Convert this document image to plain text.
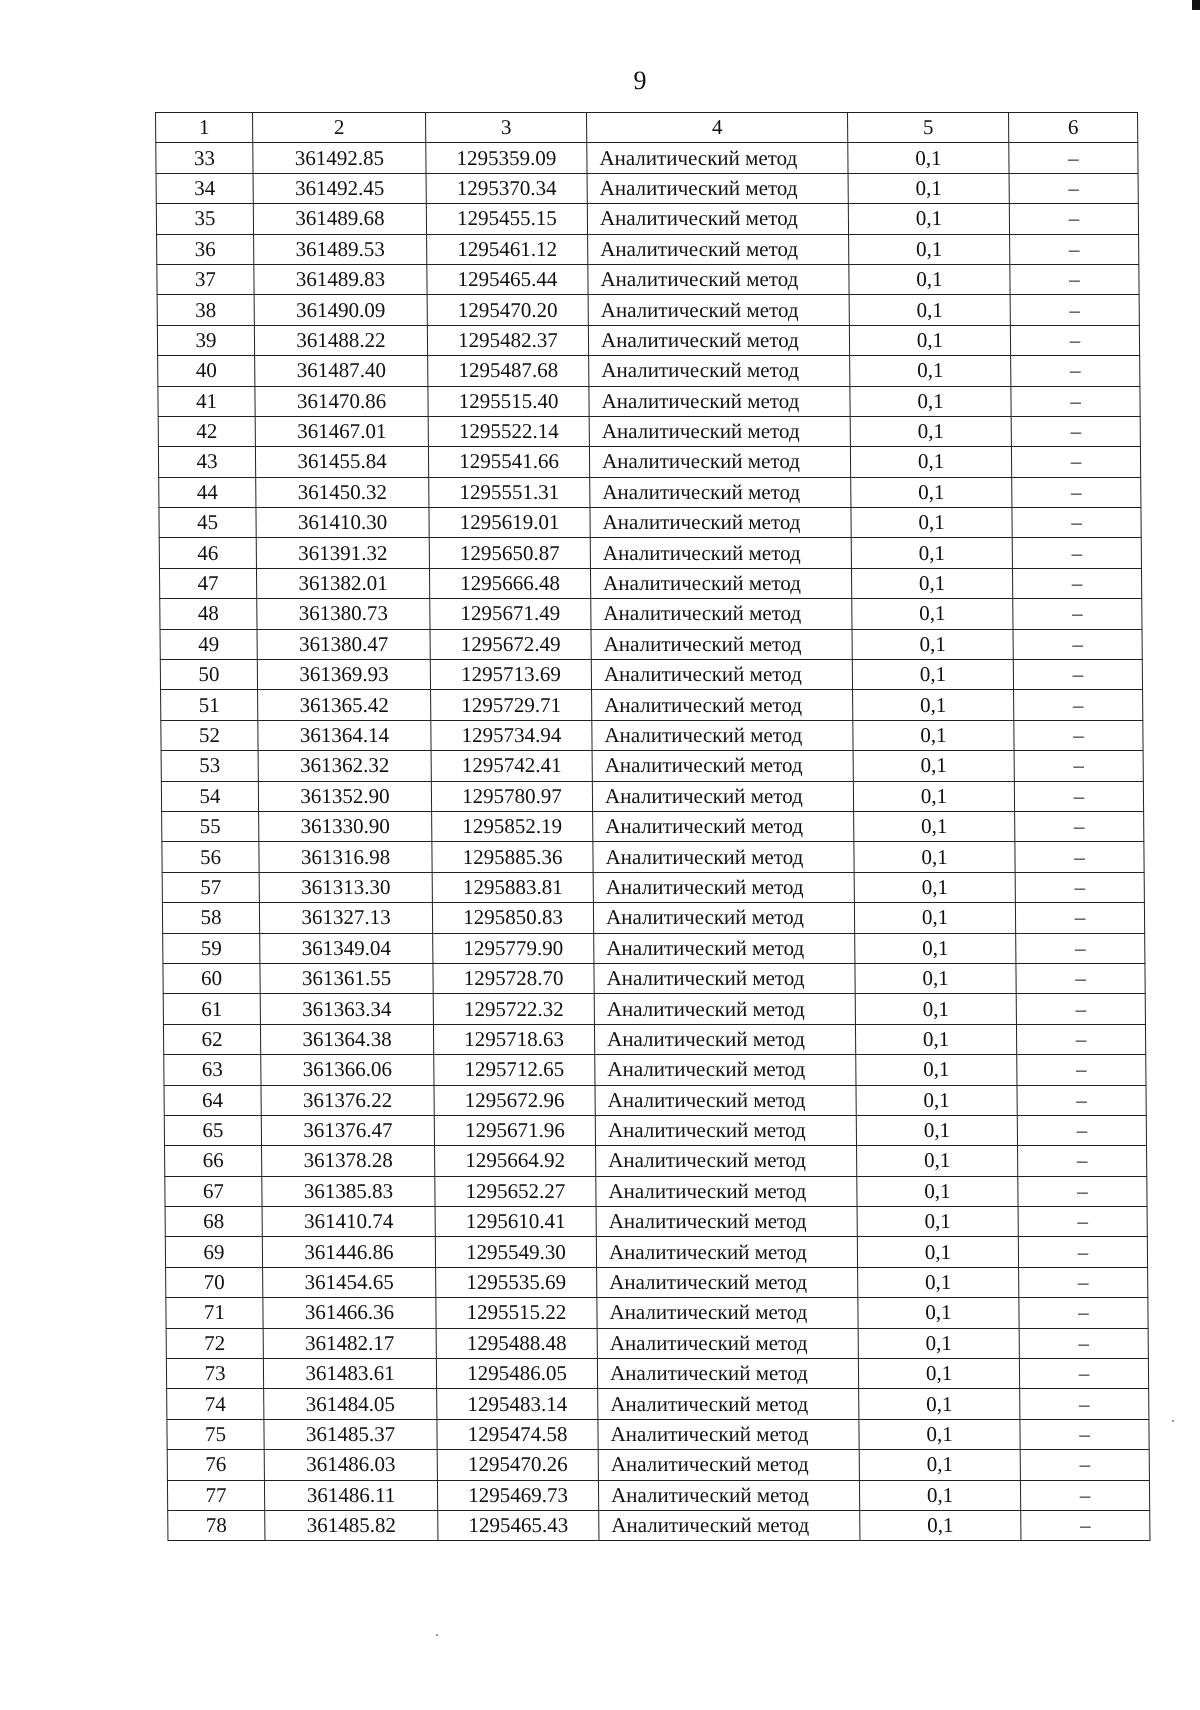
9
1	2	3	4	5	6
33	361492.85	1295359.09	Аналитический метод	0,1	–
34	361492.45	1295370.34	Аналитический метод	0,1	–
35	361489.68	1295455.15	Аналитический метод	0,1	–
36	361489.53	1295461.12	Аналитический метод	0,1	–
37	361489.83	1295465.44	Аналитический метод	0,1	–
38	361490.09	1295470.20	Аналитический метод	0,1	–
39	361488.22	1295482.37	Аналитический метод	0,1	–
40	361487.40	1295487.68	Аналитический метод	0,1	–
41	361470.86	1295515.40	Аналитический метод	0,1	–
42	361467.01	1295522.14	Аналитический метод	0,1	–
43	361455.84	1295541.66	Аналитический метод	0,1	–
44	361450.32	1295551.31	Аналитический метод	0,1	–
45	361410.30	1295619.01	Аналитический метод	0,1	–
46	361391.32	1295650.87	Аналитический метод	0,1	–
47	361382.01	1295666.48	Аналитический метод	0,1	–
48	361380.73	1295671.49	Аналитический метод	0,1	–
49	361380.47	1295672.49	Аналитический метод	0,1	–
50	361369.93	1295713.69	Аналитический метод	0,1	–
51	361365.42	1295729.71	Аналитический метод	0,1	–
52	361364.14	1295734.94	Аналитический метод	0,1	–
53	361362.32	1295742.41	Аналитический метод	0,1	–
54	361352.90	1295780.97	Аналитический метод	0,1	–
55	361330.90	1295852.19	Аналитический метод	0,1	–
56	361316.98	1295885.36	Аналитический метод	0,1	–
57	361313.30	1295883.81	Аналитический метод	0,1	–
58	361327.13	1295850.83	Аналитический метод	0,1	–
59	361349.04	1295779.90	Аналитический метод	0,1	–
60	361361.55	1295728.70	Аналитический метод	0,1	–
61	361363.34	1295722.32	Аналитический метод	0,1	–
62	361364.38	1295718.63	Аналитический метод	0,1	–
63	361366.06	1295712.65	Аналитический метод	0,1	–
64	361376.22	1295672.96	Аналитический метод	0,1	–
65	361376.47	1295671.96	Аналитический метод	0,1	–
66	361378.28	1295664.92	Аналитический метод	0,1	–
67	361385.83	1295652.27	Аналитический метод	0,1	–
68	361410.74	1295610.41	Аналитический метод	0,1	–
69	361446.86	1295549.30	Аналитический метод	0,1	–
70	361454.65	1295535.69	Аналитический метод	0,1	–
71	361466.36	1295515.22	Аналитический метод	0,1	–
72	361482.17	1295488.48	Аналитический метод	0,1	–
73	361483.61	1295486.05	Аналитический метод	0,1	–
74	361484.05	1295483.14	Аналитический метод	0,1	–
75	361485.37	1295474.58	Аналитический метод	0,1	–
76	361486.03	1295470.26	Аналитический метод	0,1	–
77	361486.11	1295469.73	Аналитический метод	0,1	–
78	361485.82	1295465.43	Аналитический метод	0,1	–
